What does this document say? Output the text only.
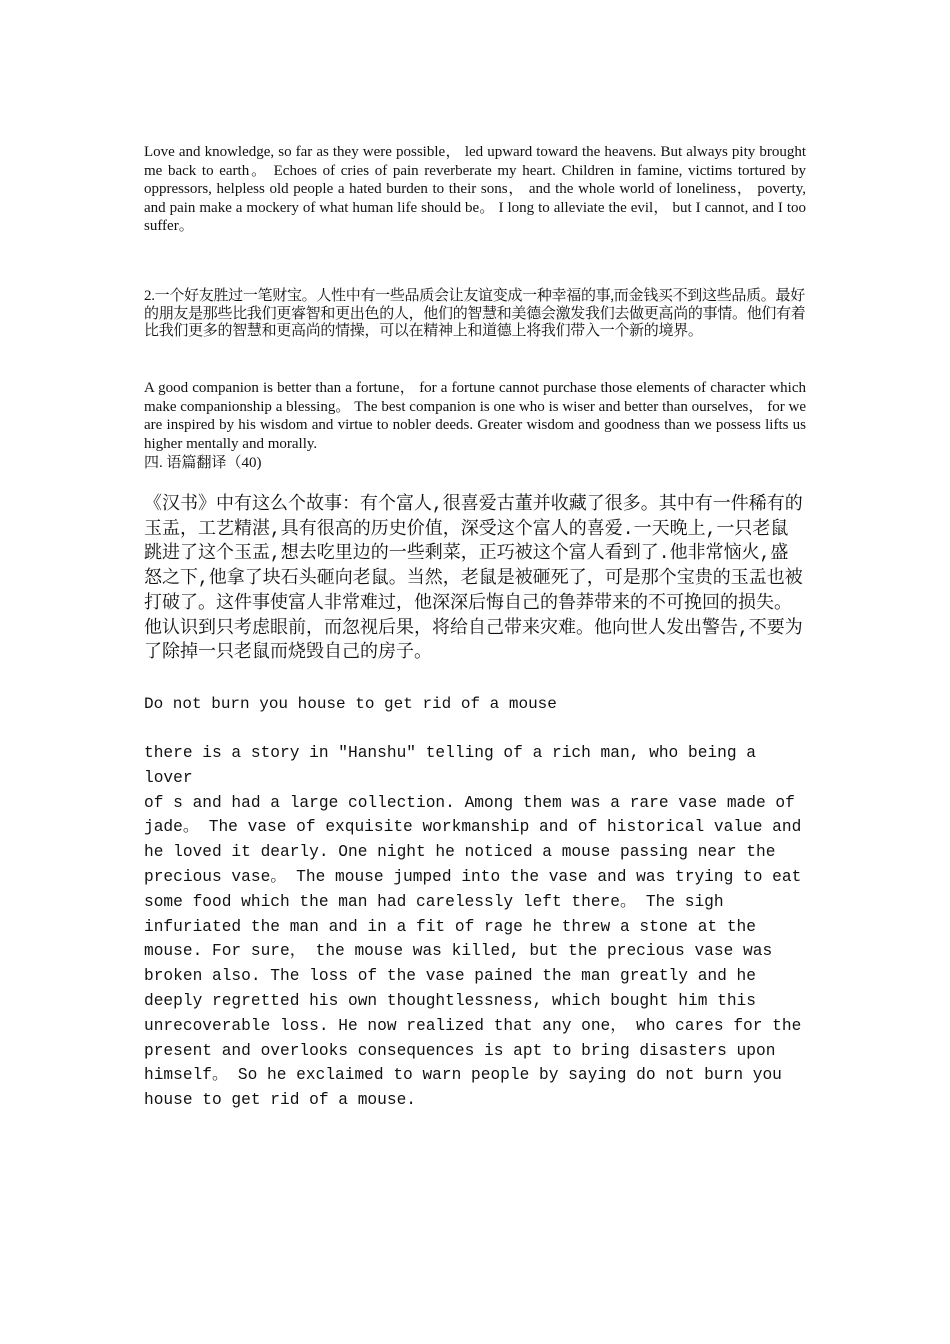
Love and knowledge, so far as they were possible， led upward toward the heavens. But always pity brought me back to earth。 Echoes of cries of pain reverberate my heart. Children in famine, victims tortured by oppressors, helpless old people a hated burden to their sons， and the whole world of loneliness， poverty, and pain make a mockery of what human life should be。 I long to alleviate the evil， but I cannot, and I too suffer。

2.一个好友胜过一笔财宝。人性中有一些品质会让友谊变成一种幸福的事,而金钱买不到这些品质。最好的朋友是那些比我们更睿智和更出色的人，他们的智慧和美德会激发我们去做更高尚的事情。他们有着比我们更多的智慧和更高尚的情操，可以在精神上和道德上将我们带入一个新的境界。

A good companion is better than a fortune， for a fortune cannot purchase those elements of character which make companionship a blessing。 The best companion is one who is wiser and better than ourselves， for we are inspired by his wisdom and virtue to nobler deeds. Greater wisdom and goodness than we possess lifts us higher mentally and morally.

四. 语篇翻译（40)

《汉书》中有这么个故事：有个富人,很喜爱古董并收藏了很多。其中有一件稀有的玉盂，工艺精湛,具有很高的历史价值，深受这个富人的喜爱.一天晚上,一只老鼠跳进了这个玉盂,想去吃里边的一些剩菜，正巧被这个富人看到了.他非常恼火,盛怒之下,他拿了块石头砸向老鼠。当然，老鼠是被砸死了，可是那个宝贵的玉盂也被打破了。这件事使富人非常难过，他深深后悔自己的鲁莽带来的不可挽回的损失。他认识到只考虑眼前，而忽视后果，将给自己带来灾难。他向世人发出警告,不要为了除掉一只老鼠而烧毁自己的房子。

Do not burn you house to get rid of a mouse

there is a story in "Hanshu" telling of a rich man, who being a lover
of s and had a large collection. Among them was a rare vase made of
jade。 The vase of exquisite workmanship and of historical value and
he loved it dearly. One night he noticed a mouse passing near the
precious vase。 The mouse jumped into the vase and was trying to eat
some food which the man had carelessly left there。 The sigh
infuriated the man and in a fit of rage he threw a stone at the
mouse. For sure， the mouse was killed, but the precious vase was
broken also. The loss of the vase pained the man greatly and he
deeply regretted his own thoughtlessness, which bought him this
unrecoverable loss. He now realized that any one， who cares for the
present and overlooks consequences is apt to bring disasters upon
himself。 So he exclaimed to warn people by saying do not burn you
house to get rid of a mouse.
